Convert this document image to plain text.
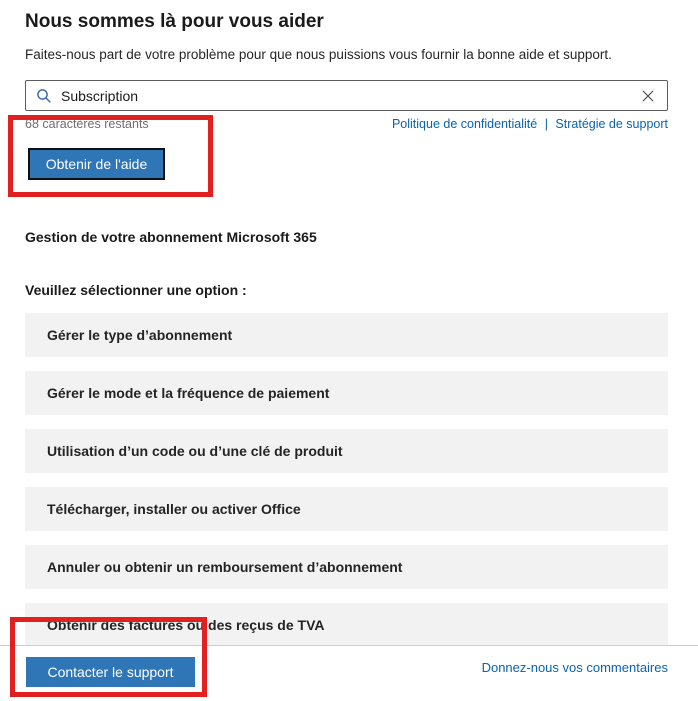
Nous sommes là pour vous aider
Faites-nous part de votre problème pour que nous puissions vous fournir la bonne aide et support.
Subscription
68 caractères restants	Politique de confidentialité | Stratégie de support
Obtenir de l'aide
Gestion de votre abonnement Microsoft 365
Veuillez sélectionner une option :
Gérer le type d’abonnement
Gérer le mode et la fréquence de paiement
Utilisation d’un code ou d’une clé de produit
Télécharger, installer ou activer Office
Annuler ou obtenir un remboursement d’abonnement
Obtenir des factures ou des reçus de TVA
Contacter le support	Donnez-nous vos commentaires
